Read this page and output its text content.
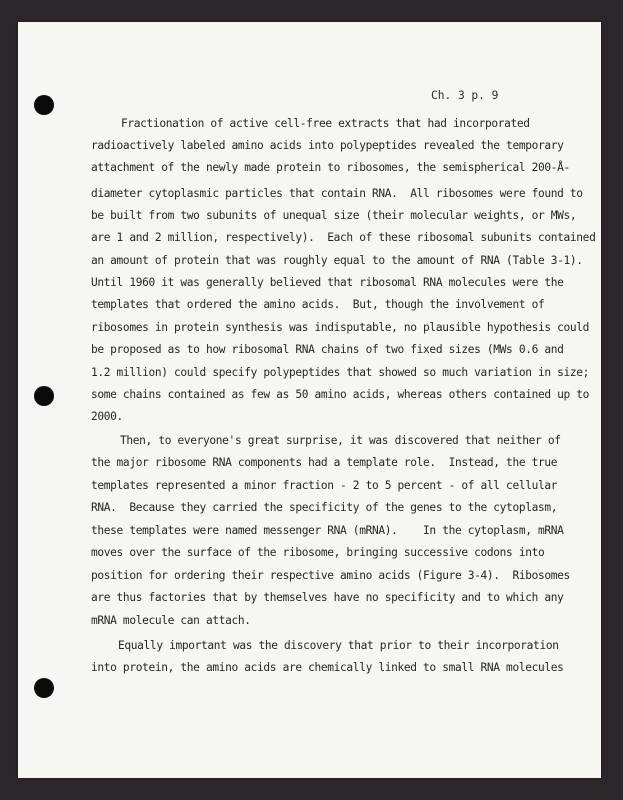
Ch. 3 p. 9
Fractionation of active cell-free extracts that had incorporated
radioactively labeled amino acids into polypeptides revealed the temporary
attachment of the newly made protein to ribosomes, the semispherical 200-Å-
diameter cytoplasmic particles that contain RNA.  All ribosomes were found to
be built from two subunits of unequal size (their molecular weights, or MWs,
are 1 and 2 million, respectively).  Each of these ribosomal subunits contained
an amount of protein that was roughly equal to the amount of RNA (Table 3-1).
Until 1960 it was generally believed that ribosomal RNA molecules were the
templates that ordered the amino acids.  But, though the involvement of
ribosomes in protein synthesis was indisputable, no plausible hypothesis could
be proposed as to how ribosomal RNA chains of two fixed sizes (MWs 0.6 and
1.2 million) could specify polypeptides that showed so much variation in size;
some chains contained as few as 50 amino acids, whereas others contained up to
2000.
Then, to everyone's great surprise, it was discovered that neither of
the major ribosome RNA components had a template role.  Instead, the true
templates represented a minor fraction - 2 to 5 percent - of all cellular
RNA.  Because they carried the specificity of the genes to the cytoplasm,
these templates were named messenger RNA (mRNA).    In the cytoplasm, mRNA
moves over the surface of the ribosome, bringing successive codons into
position for ordering their respective amino acids (Figure 3-4).  Ribosomes
are thus factories that by themselves have no specificity and to which any
mRNA molecule can attach.
Equally important was the discovery that prior to their incorporation
into protein, the amino acids are chemically linked to small RNA molecules
